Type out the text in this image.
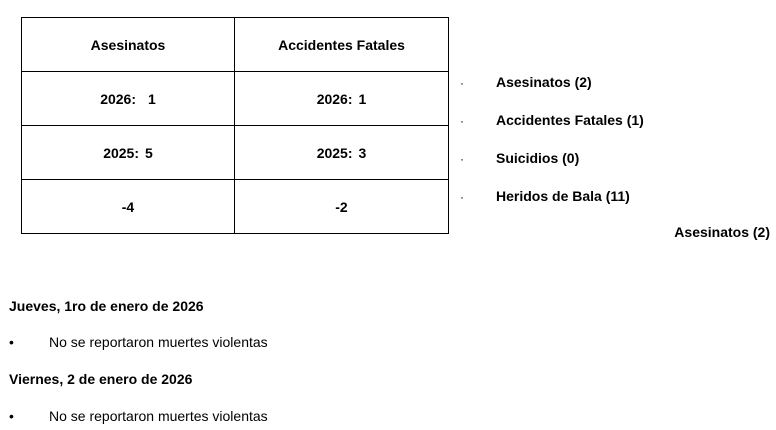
Asesinatos	Accidentes Fatales
2026: 1	2026: 1
2025: 5	2025: 3
-4	-2
· Asesinatos (2)
· Accidentes Fatales (1)
· Suicidios (0)
· Heridos de Bala (11)
Asesinatos (2)
Jueves, 1ro de enero de 2026
•	No se reportaron muertes violentas
Viernes, 2 de enero de 2026
•	No se reportaron muertes violentas
